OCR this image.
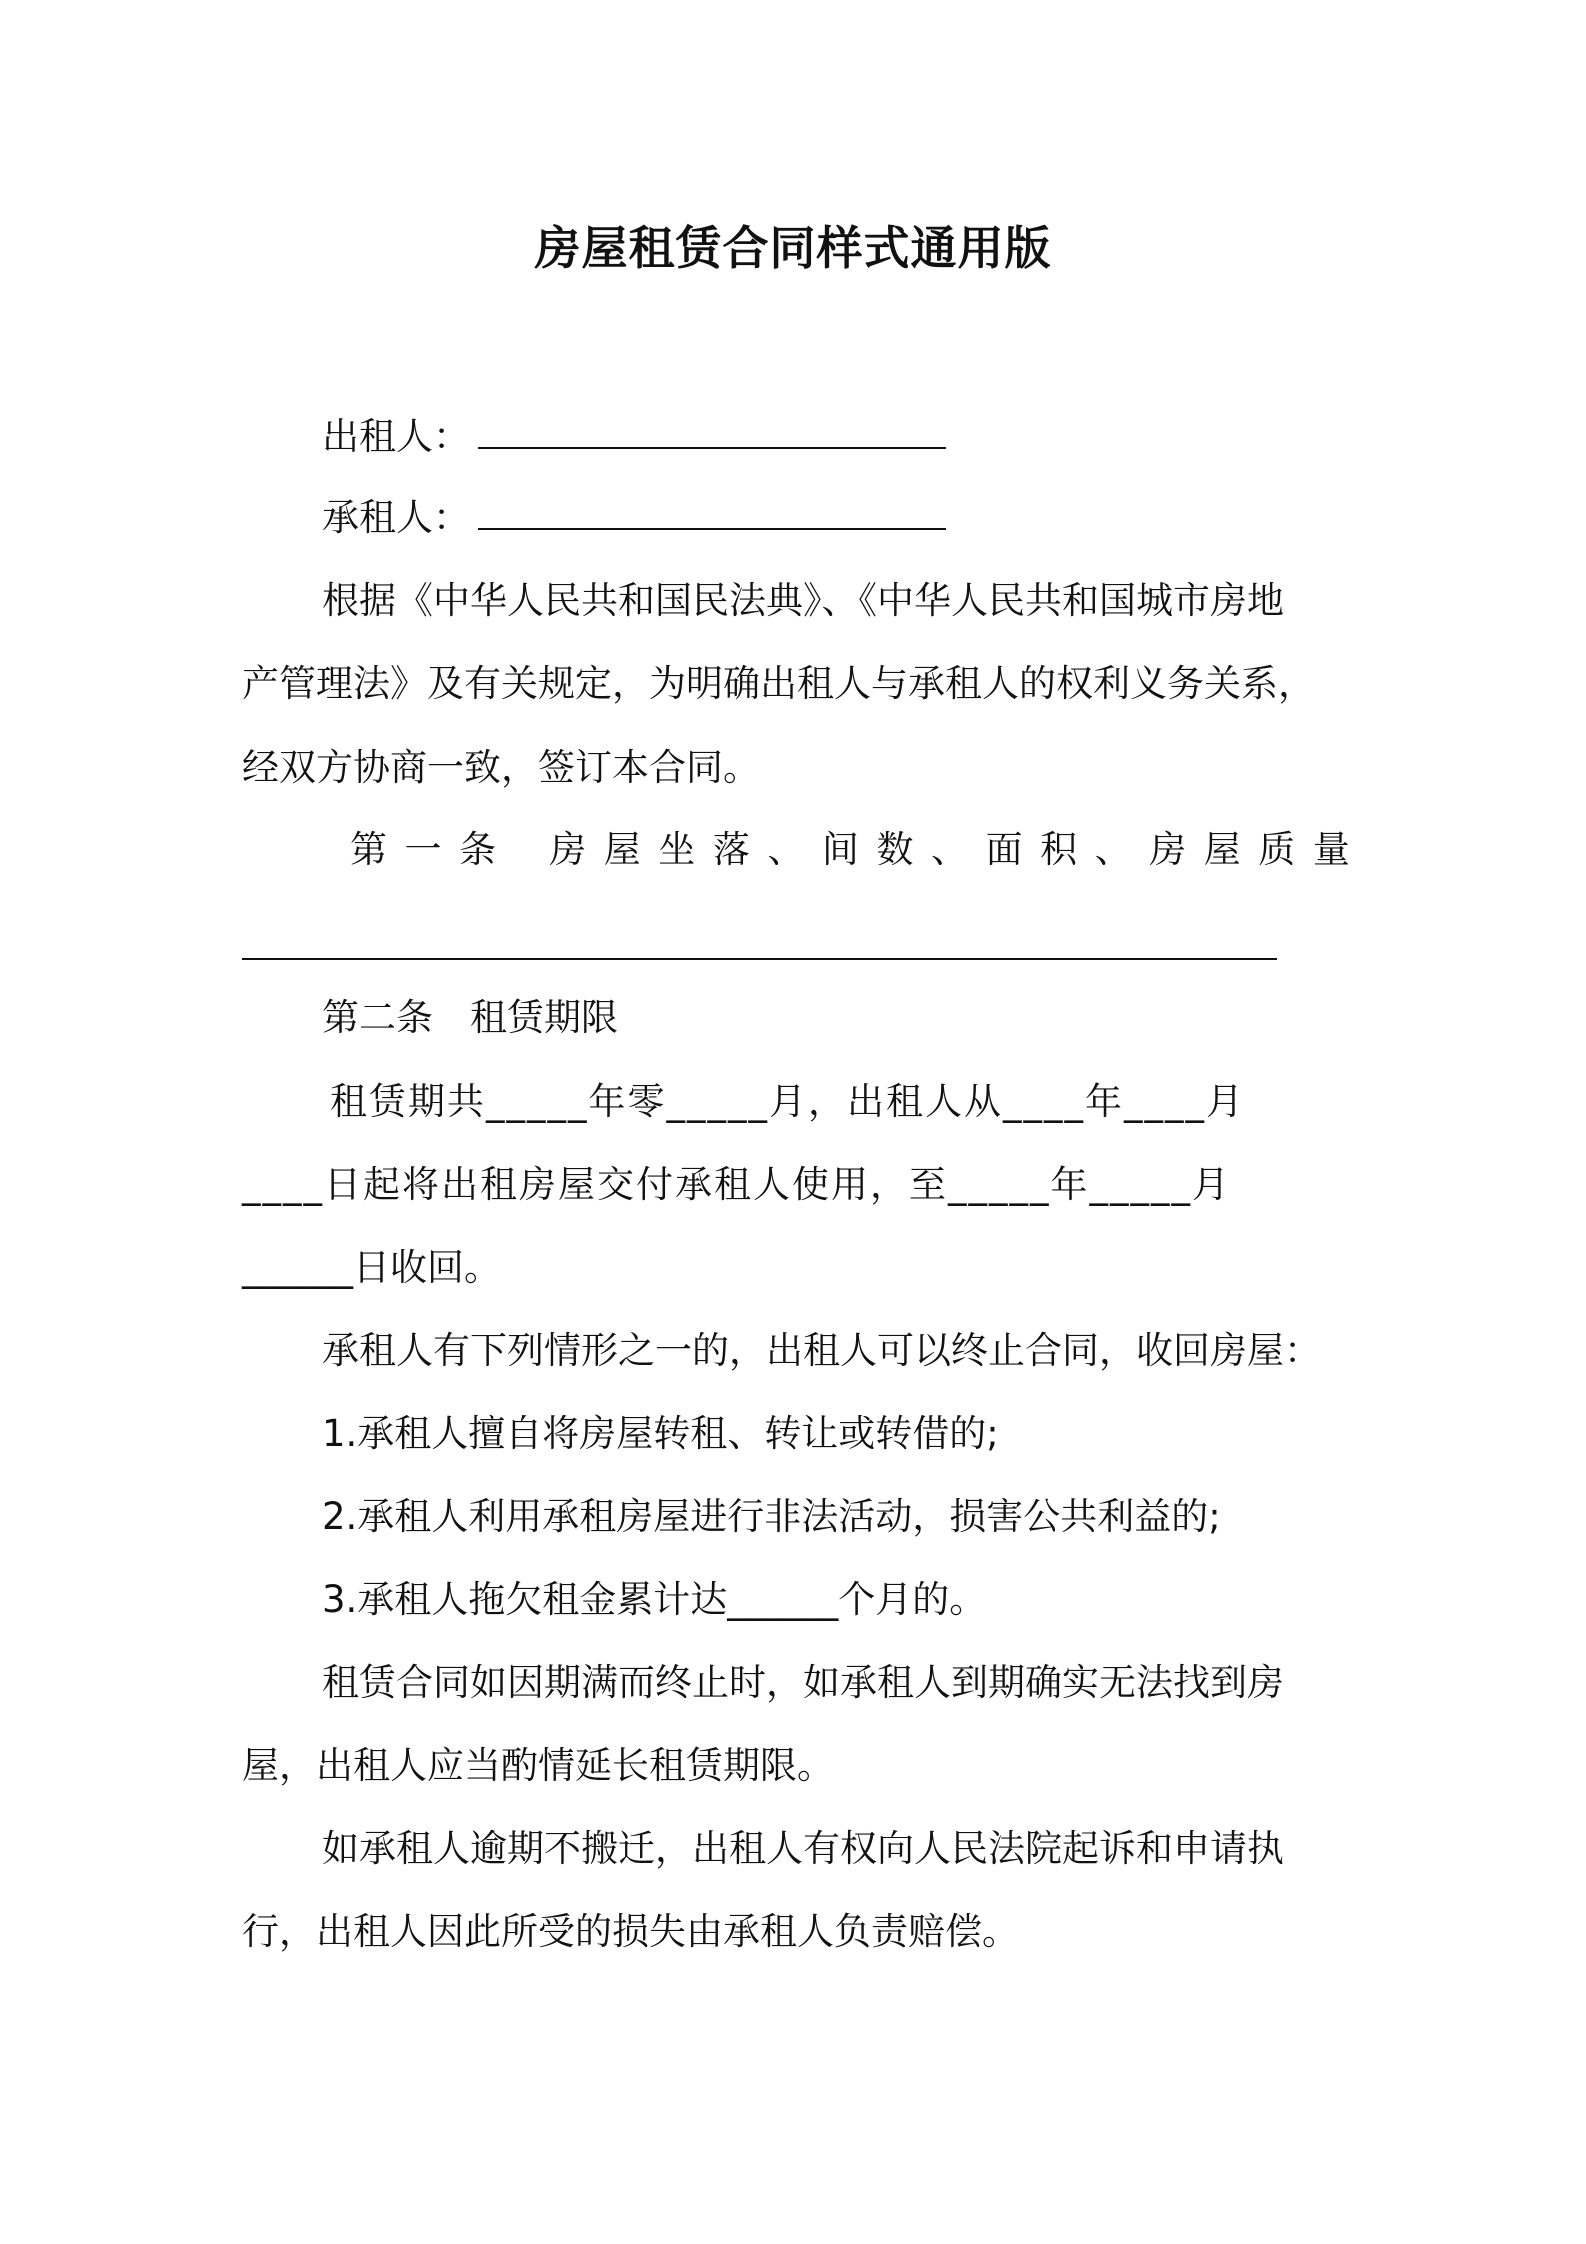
房屋租赁合同样式通用版
出租人：
承租人：
根据《中华人民共和国民法典》、《中华人民共和国城市房地
产管理法》及有关规定，为明确出租人与承租人的权利义务关系，
经双方协商一致，签订本合同。
第 一 条 房 屋 坐 落 、 间 数 、 面 积 、 房 屋 质 量
第二条　租赁期限
租赁期共_____年零_____月，出租人从____年____月
____日起将出租房屋交付承租人使用，至_____年_____月
______日收回。
承租人有下列情形之一的，出租人可以终止合同，收回房屋：
1.承租人擅自将房屋转租、转让或转借的;
2.承租人利用承租房屋进行非法活动，损害公共利益的;
3.承租人拖欠租金累计达______个月的。
租赁合同如因期满而终止时，如承租人到期确实无法找到房
屋，出租人应当酌情延长租赁期限。
如承租人逾期不搬迁，出租人有权向人民法院起诉和申请执
行，出租人因此所受的损失由承租人负责赔偿。
